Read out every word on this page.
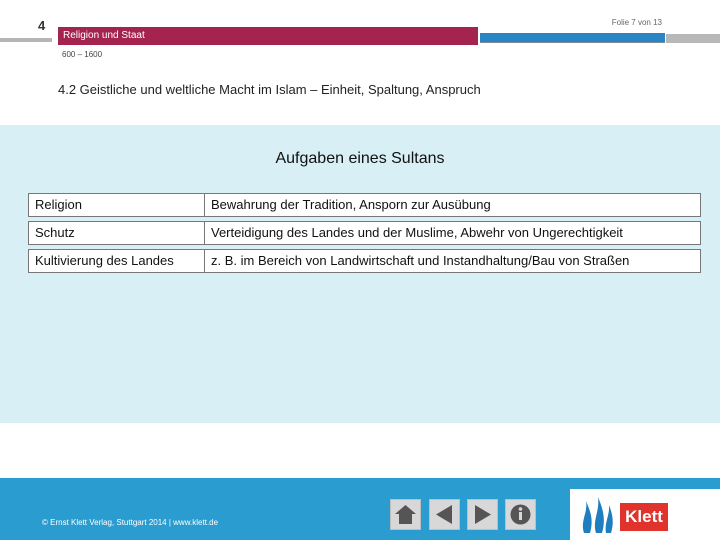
4
Religion und Staat
Folie 7 von 13
600 – 1600
4.2 Geistliche und weltliche Macht im Islam – Einheit, Spaltung, Anspruch
Aufgaben eines Sultans
Religion	Bewahrung der Tradition, Ansporn zur Ausübung
Schutz	Verteidigung des Landes und der Muslime, Abwehr von Ungerechtigkeit
Kultivierung des Landes	z. B. im Bereich von Landwirtschaft und Instandhaltung/Bau von Straßen
© Ernst Klett Verlag, Stuttgart 2014 | www.klett.de	Klett
